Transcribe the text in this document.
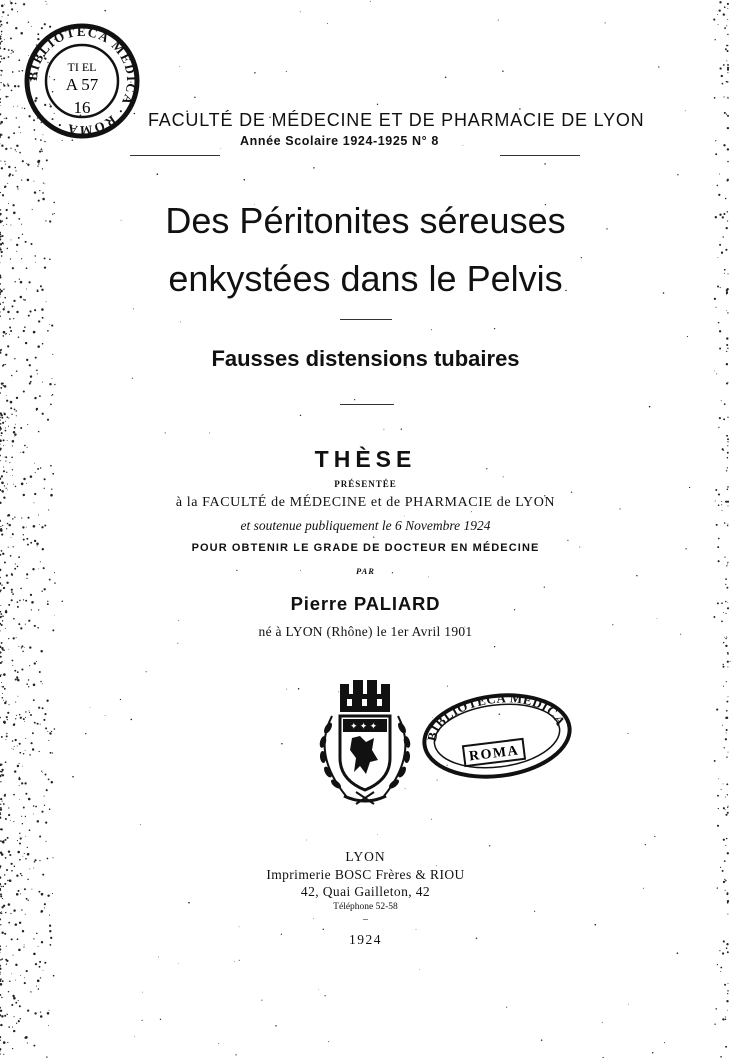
BIBLIOTECA MEDICA · ROMA ·
TI EL
A 57
16
FACULTÉ DE MÉDECINE ET DE PHARMACIE DE LYON
Année Scolaire 1924-1925 N° 8
Des Péritonites séreuses
enkystées dans le Pelvis
Fausses distensions tubaires
THÈSE
PRÉSENTÉE
à la FACULTÉ de MÉDECINE et de PHARMACIE de LYON
et soutenue publiquement le 6 Novembre 1924
POUR OBTENIR LE GRADE DE DOCTEUR EN MÉDECINE
PAR
Pierre PALIARD
né à LYON (Rhône) le 1er Avril 1901
✦ ✦ ✦
BIBLIOTECA MEDICA
ROMA
LYON
Imprimerie BOSC Frères & RIOU
42, Quai Gailleton, 42
Téléphone 52-58
–
1924
